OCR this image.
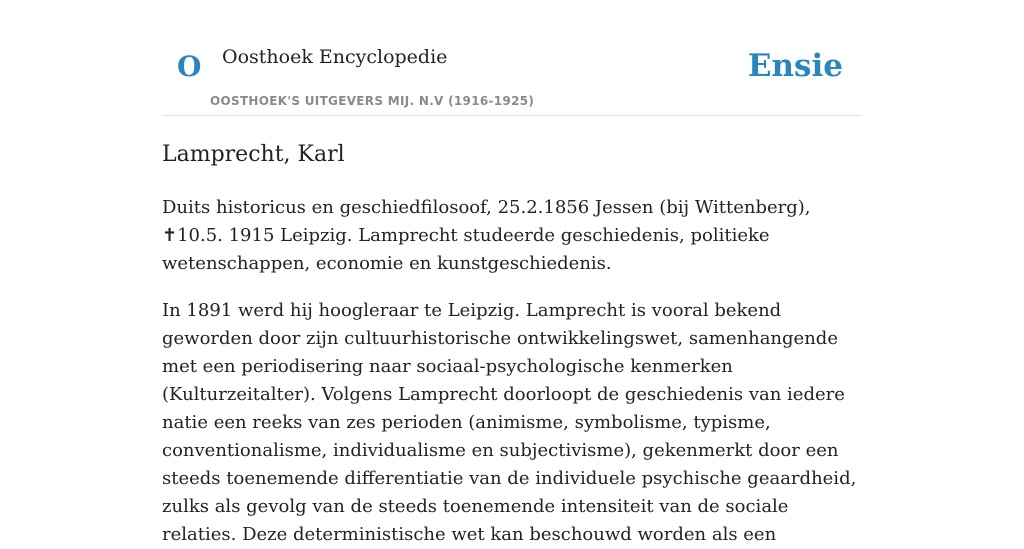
O Oosthoek Encyclopedie
OOSTHOEK'S UITGEVERS MIJ. N.V (1916-1925)
Ensie
Lamprecht, Karl

Duits historicus en geschiedfilosoof, 25.2.1856 Jessen (bij Wittenberg), ✝10.5. 1915 Leipzig. Lamprecht studeerde geschiedenis, politieke wetenschappen, economie en kunstgeschiedenis.

In 1891 werd hij hoogleraar te Leipzig. Lamprecht is vooral bekend geworden door zijn cultuurhistorische ontwikkelingswet, samenhangende met een periodisering naar sociaal-psychologische kenmerken (Kulturzeitalter). Volgens Lamprecht doorloopt de geschiedenis van iedere natie een reeks van zes perioden (animisme, symbolisme, typisme, conventionalisme, individualisme en subjectivisme), gekenmerkt door een steeds toenemende differentiatie van de individuele psychische geaardheid, zulks als gevolg van de steeds toenemende intensiteit van de sociale relaties. Deze deterministische wet kan beschouwd worden als een
